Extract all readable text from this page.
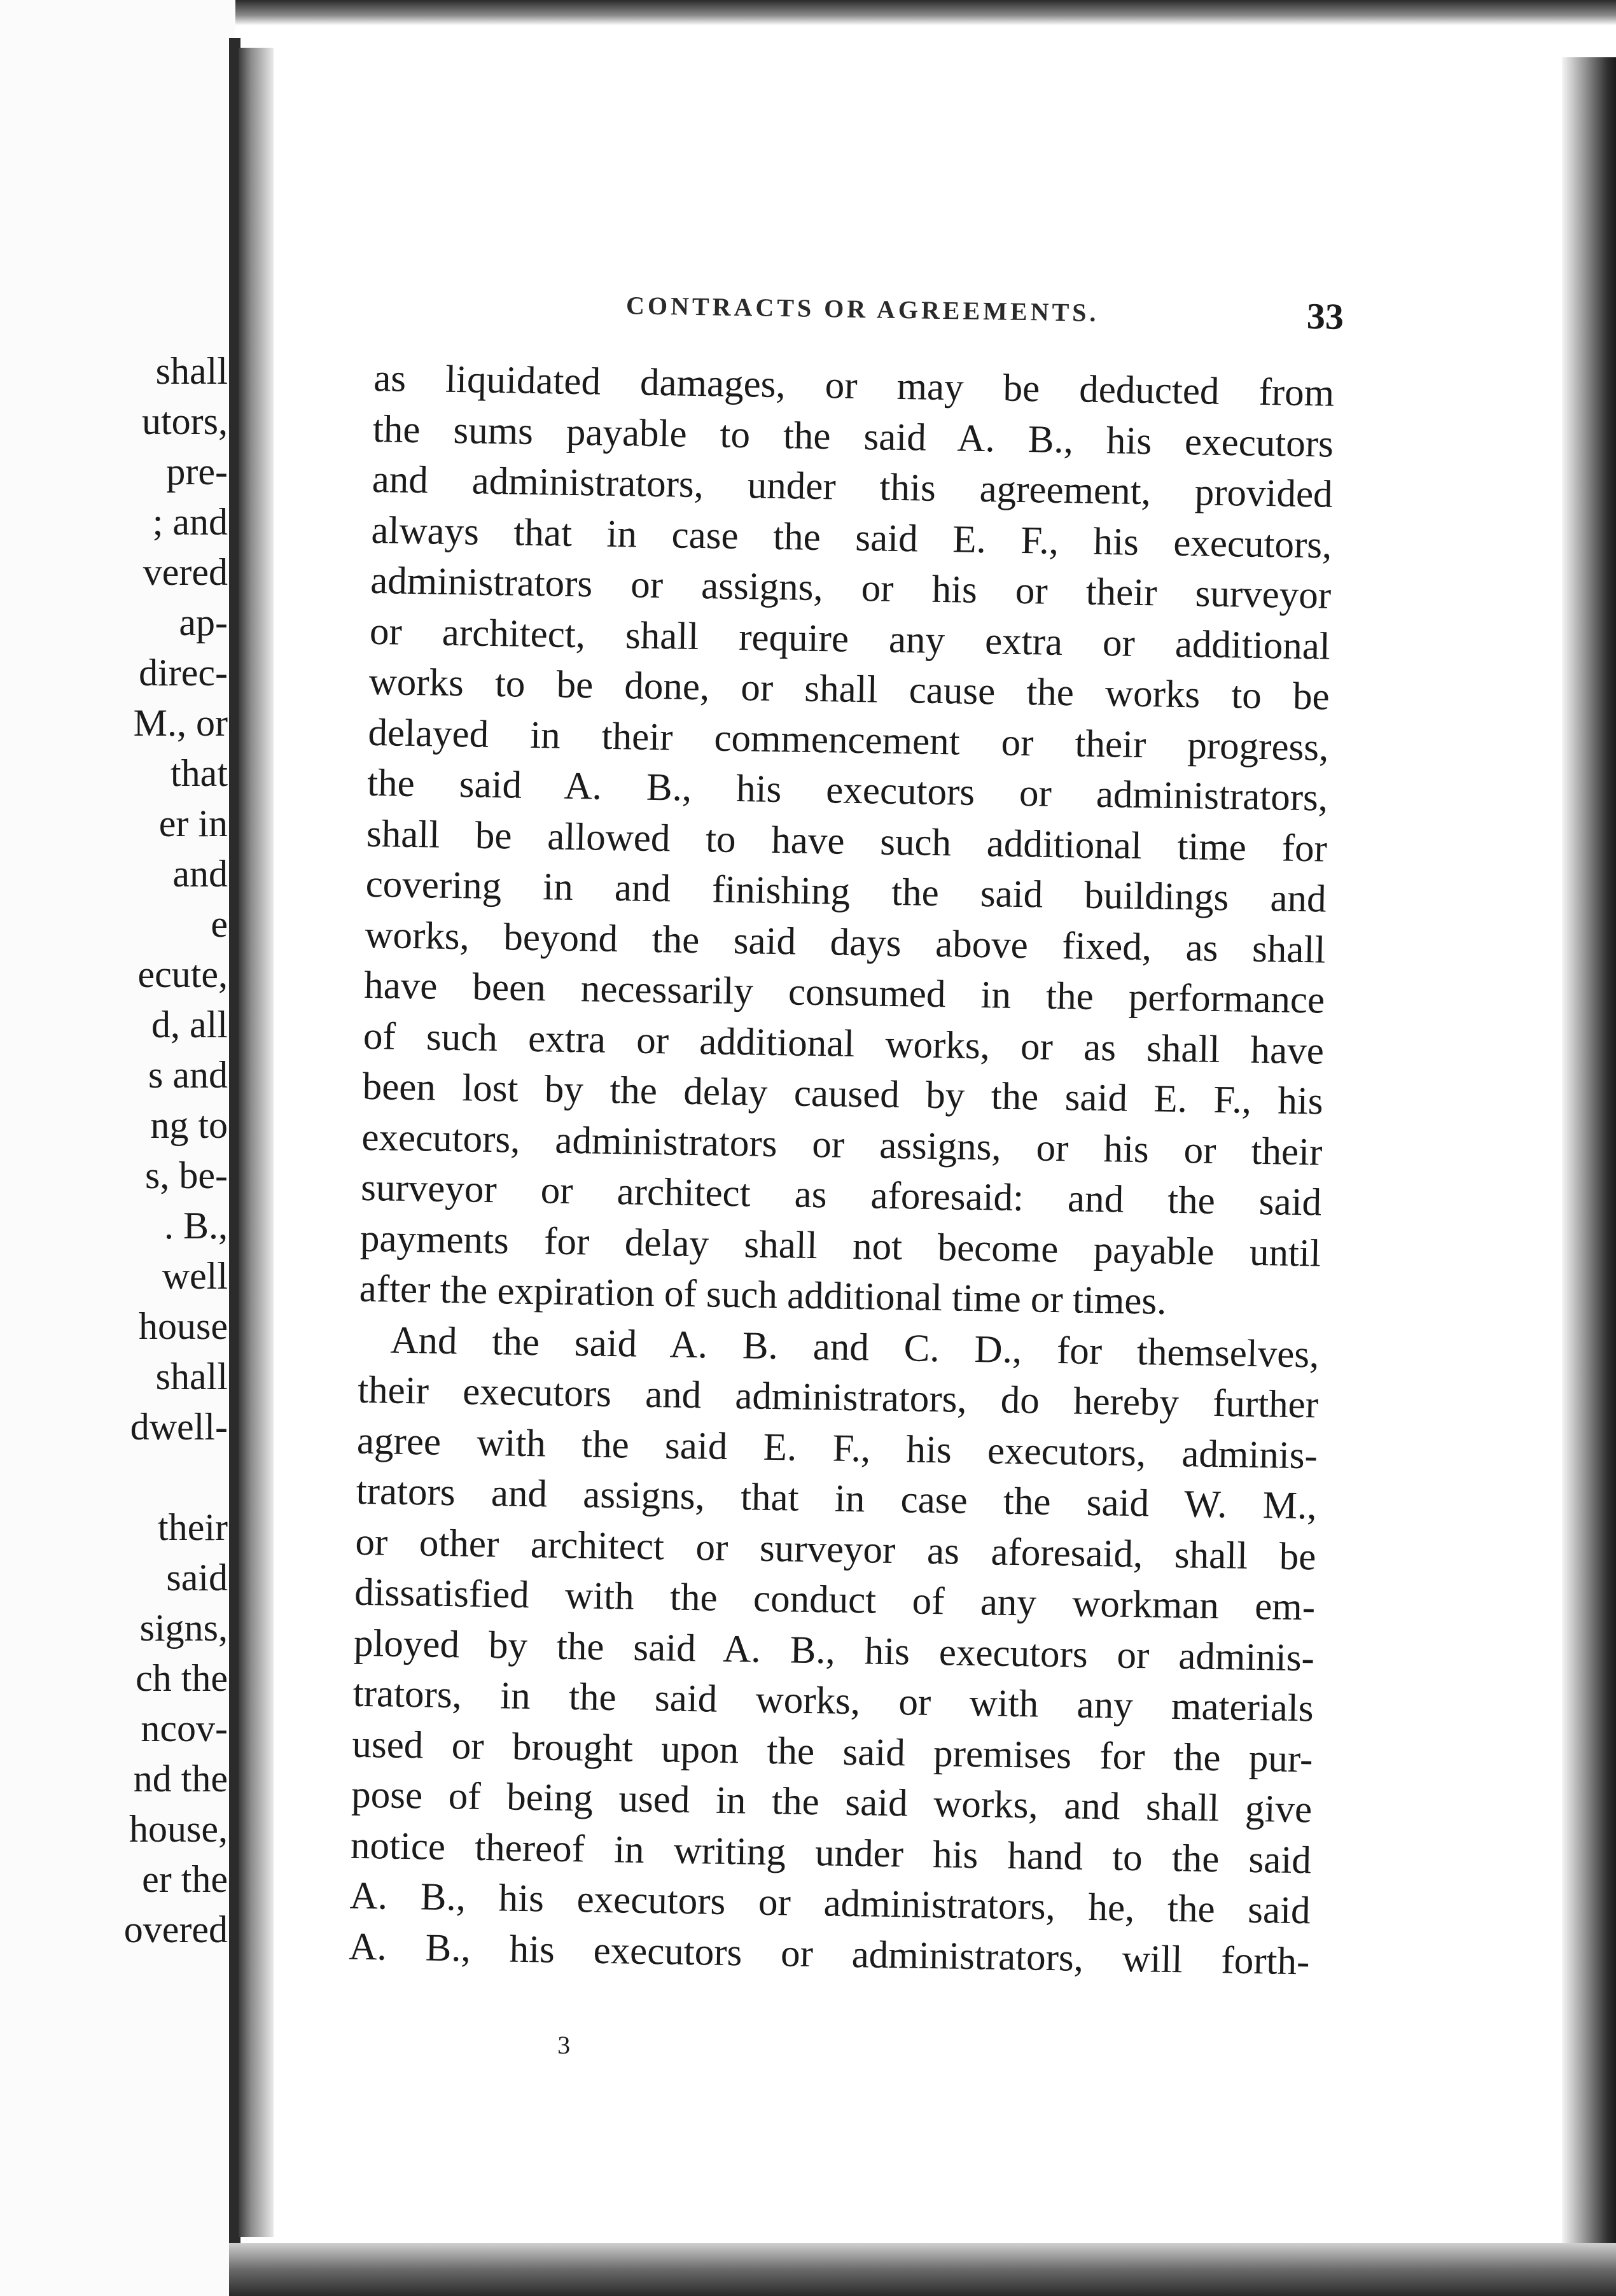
shall
utors,
pre-
; and
vered
ap-
direc-
M., or
that
er in
and
e
ecute,
d, all
s and
ng to
s, be-
. B.,
well
house
shall
dwell-
their
said
signs,
ch the
ncov-
nd the
house,
er the
overed
CONTRACTS OR AGREEMENTS.	33
as liquidated damages, or may be deducted from
the sums payable to the said A. B., his executors
and administrators, under this agreement, provided
always that in case the said E. F., his executors,
administrators or assigns, or his or their surveyor
or architect, shall require any extra or additional
works to be done, or shall cause the works to be
delayed in their commencement or their progress,
the said A. B., his executors or administrators,
shall be allowed to have such additional time for
covering in and finishing the said buildings and
works, beyond the said days above fixed, as shall
have been necessarily consumed in the performance
of such extra or additional works, or as shall have
been lost by the delay caused by the said E. F., his
executors, administrators or assigns, or his or their
surveyor or architect as aforesaid: and the said
payments for delay shall not become payable until
after the expiration of such additional time or times.
And the said A. B. and C. D., for themselves,
their executors and administrators, do hereby further
agree with the said E. F., his executors, adminis-
trators and assigns, that in case the said W. M.,
or other architect or surveyor as aforesaid, shall be
dissatisfied with the conduct of any workman em-
ployed by the said A. B., his executors or adminis-
trators, in the said works, or with any materials
used or brought upon the said premises for the pur-
pose of being used in the said works, and shall give
notice thereof in writing under his hand to the said
A. B., his executors or administrators, he, the said
A. B., his executors or administrators, will forth-
3
